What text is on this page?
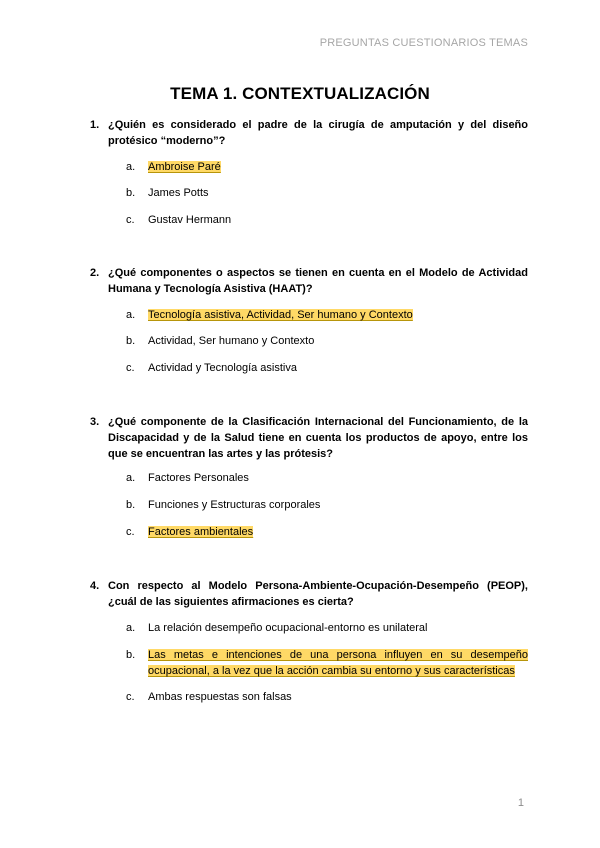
PREGUNTAS CUESTIONARIOS TEMAS
TEMA 1. CONTEXTUALIZACIÓN
1. ¿Quién es considerado el padre de la cirugía de amputación y del diseño protésico “moderno”?
a. Ambroise Paré
b. James Potts
c. Gustav Hermann
2. ¿Qué componentes o aspectos se tienen en cuenta en el Modelo de Actividad Humana y Tecnología Asistiva (HAAT)?
a. Tecnología asistiva, Actividad, Ser humano y Contexto
b. Actividad, Ser humano y Contexto
c. Actividad y Tecnología asistiva
3. ¿Qué componente de la Clasificación Internacional del Funcionamiento, de la Discapacidad y de la Salud tiene en cuenta los productos de apoyo, entre los que se encuentran las artes y las prótesis?
a. Factores Personales
b. Funciones y Estructuras corporales
c. Factores ambientales
4. Con respecto al Modelo Persona-Ambiente-Ocupación-Desempeño (PEOP), ¿cuál de las siguientes afirmaciones es cierta?
a. La relación desempeño ocupacional-entorno es unilateral
b. Las metas e intenciones de una persona influyen en su desempeño ocupacional, a la vez que la acción cambia su entorno y sus características
c. Ambas respuestas son falsas
1
